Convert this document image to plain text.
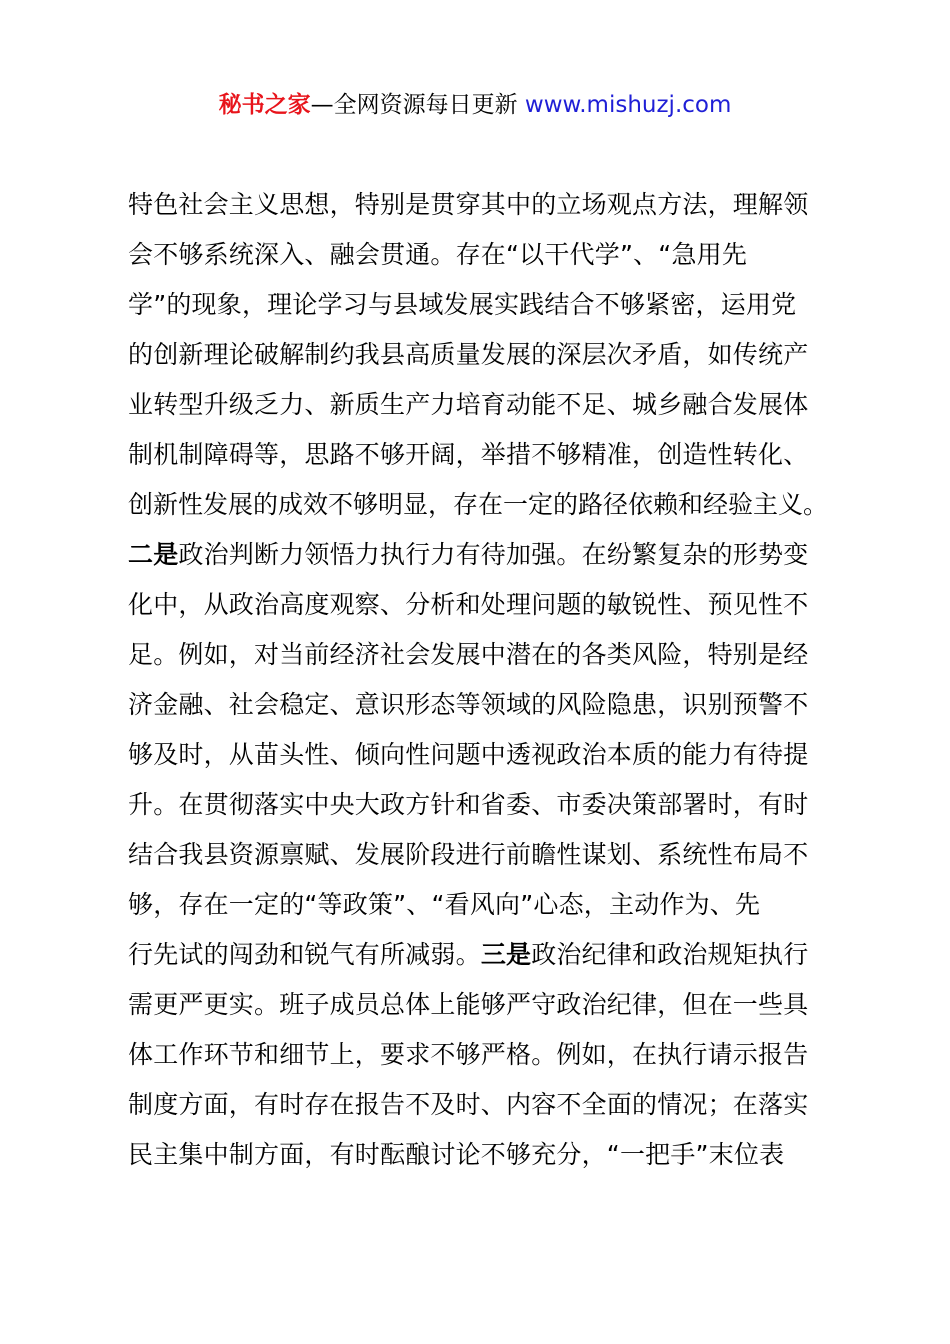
秘书之家—全网资源每日更新 www.mishuzj.com
特色社会主义思想，特别是贯穿其中的立场观点方法，理解领
会不够系统深入、融会贯通。存在“以干代学”、“急用先
学”的现象，理论学习与县域发展实践结合不够紧密，运用党
的创新理论破解制约我县高质量发展的深层次矛盾，如传统产
业转型升级乏力、新质生产力培育动能不足、城乡融合发展体
制机制障碍等，思路不够开阔，举措不够精准，创造性转化、
创新性发展的成效不够明显，存在一定的路径依赖和经验主义。
二是政治判断力领悟力执行力有待加强。在纷繁复杂的形势变
化中，从政治高度观察、分析和处理问题的敏锐性、预见性不
足。例如，对当前经济社会发展中潜在的各类风险，特别是经
济金融、社会稳定、意识形态等领域的风险隐患，识别预警不
够及时，从苗头性、倾向性问题中透视政治本质的能力有待提
升。在贯彻落实中央大政方针和省委、市委决策部署时，有时
结合我县资源禀赋、发展阶段进行前瞻性谋划、系统性布局不
够，存在一定的“等政策”、“看风向”心态，主动作为、先
行先试的闯劲和锐气有所减弱。三是政治纪律和政治规矩执行
需更严更实。班子成员总体上能够严守政治纪律，但在一些具
体工作环节和细节上，要求不够严格。例如，在执行请示报告
制度方面，有时存在报告不及时、内容不全面的情况；在落实
民主集中制方面，有时酝酿讨论不够充分，“一把手”末位表
